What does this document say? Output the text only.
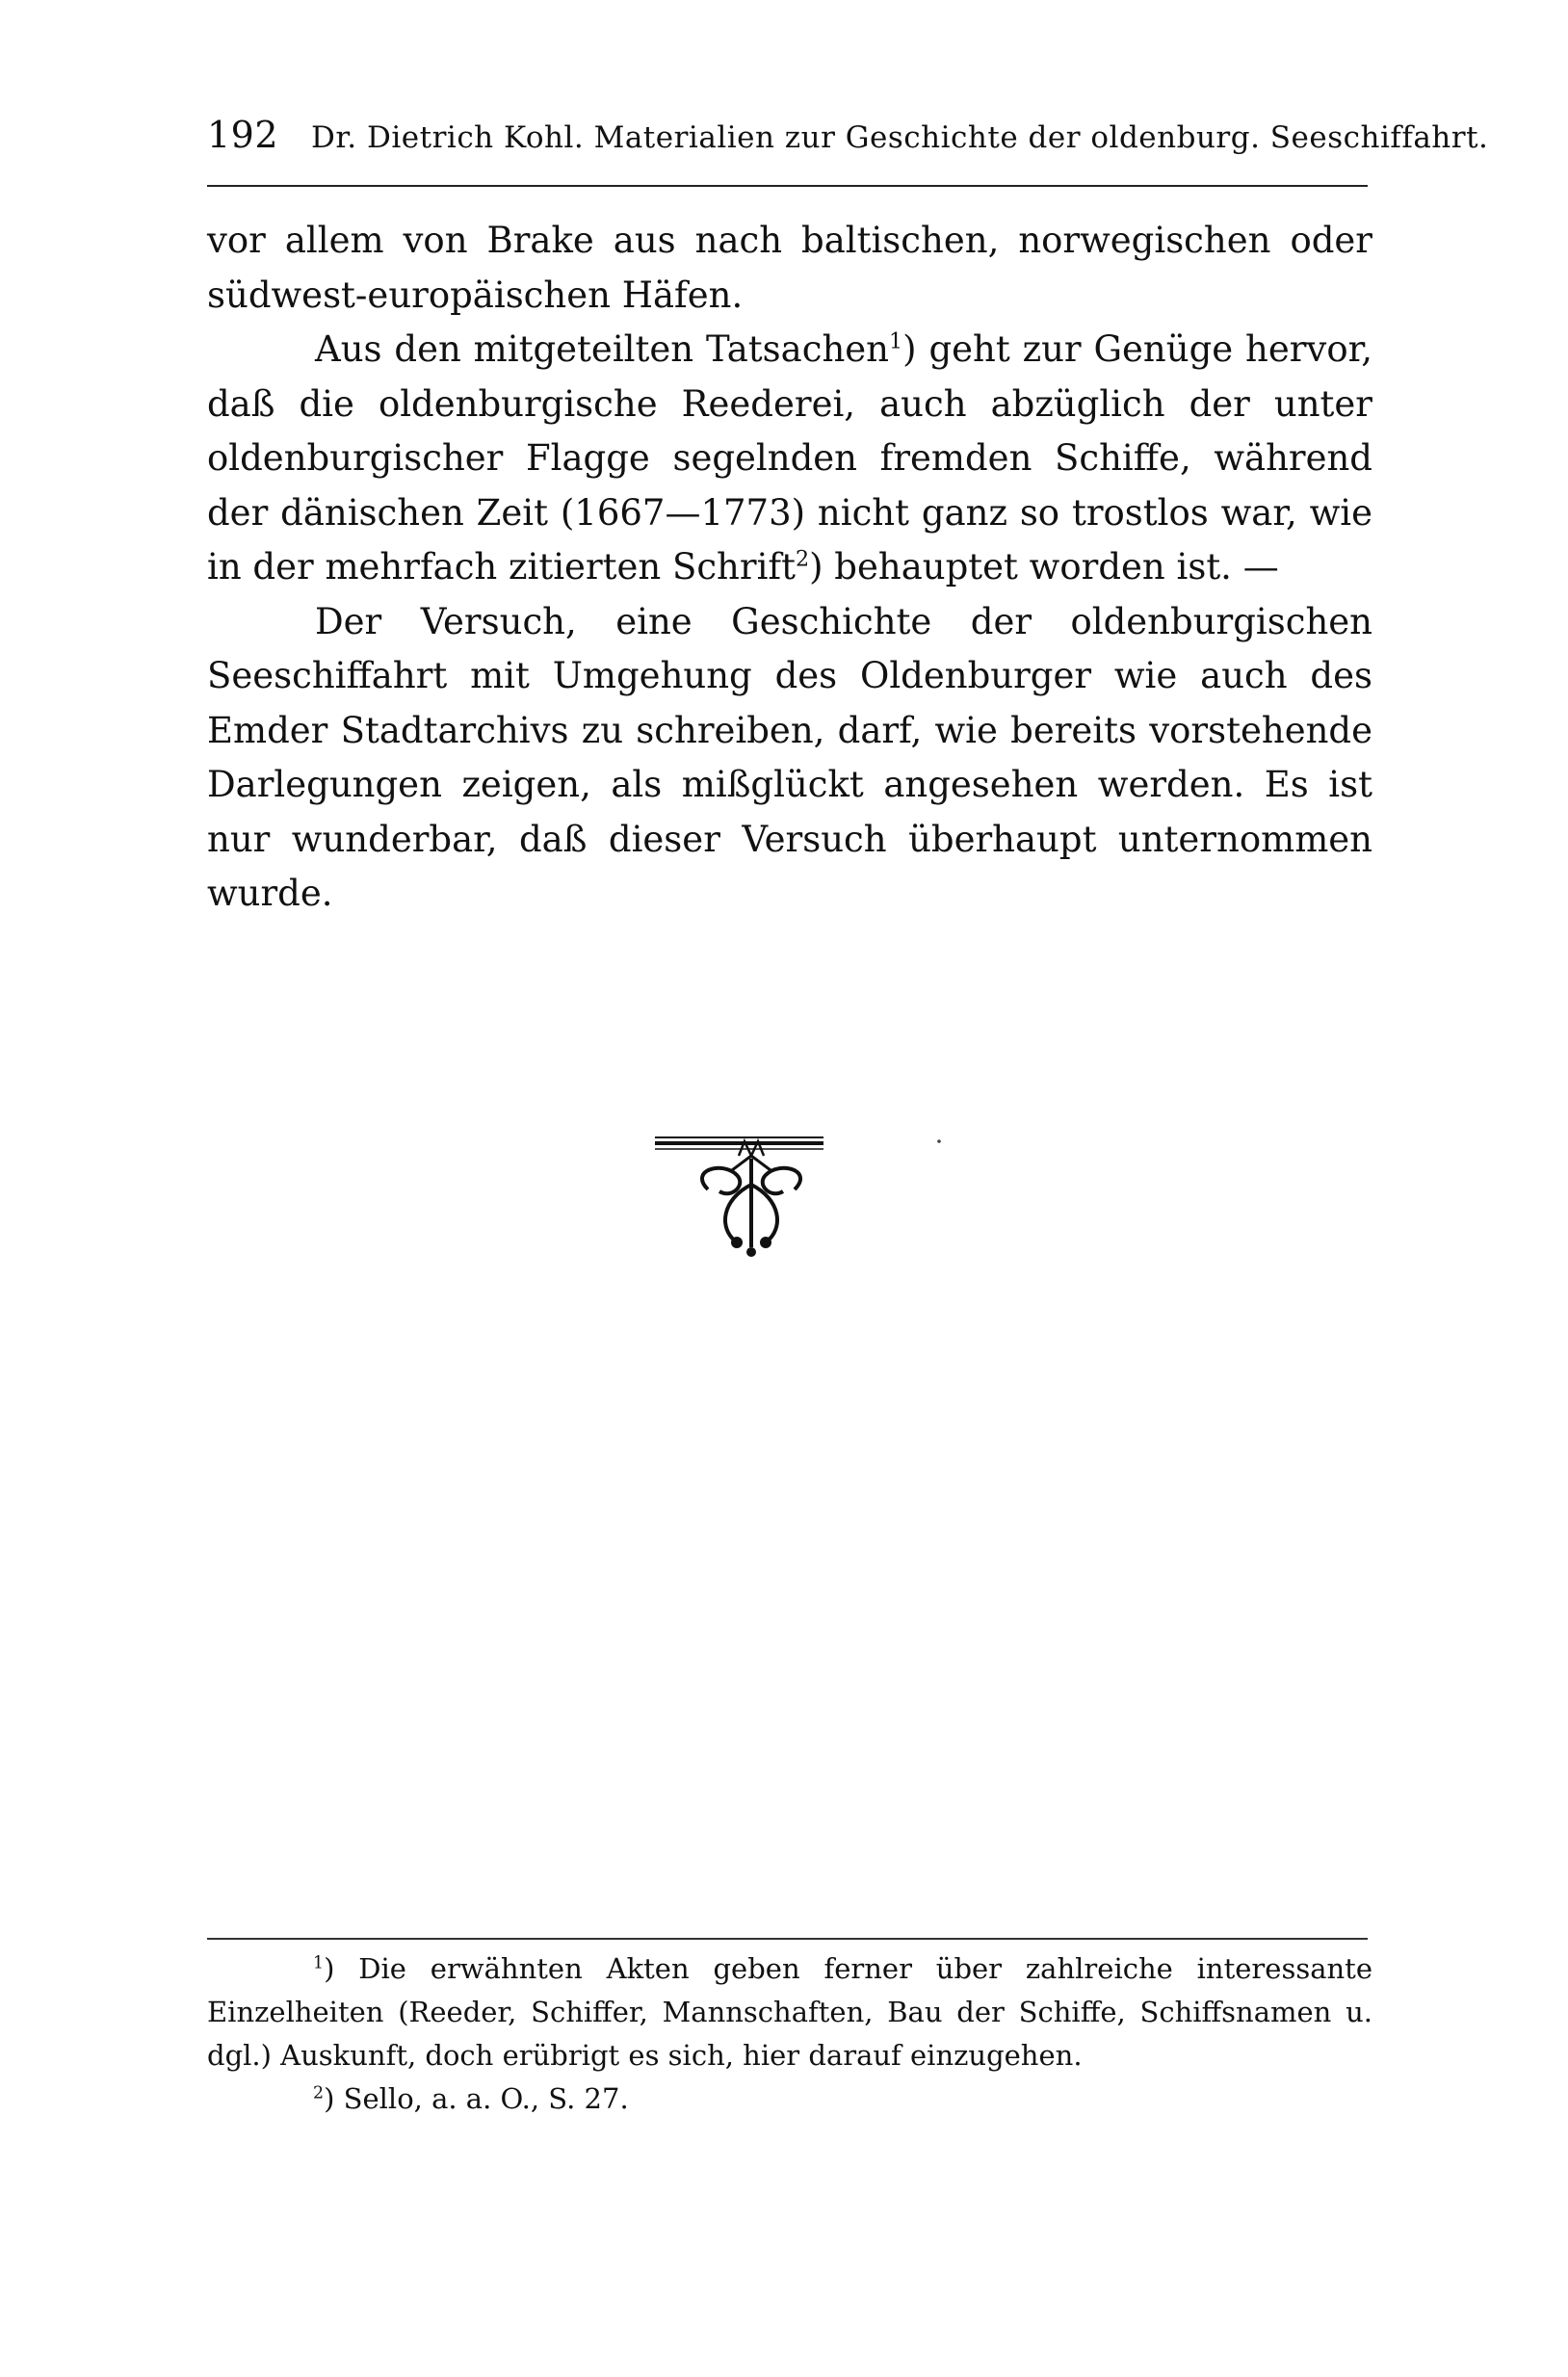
192 Dr. Dietrich Kohl. Materialien zur Geschichte der oldenburg. Seeschiffahrt.

vor allem von Brake aus nach baltischen, norwegischen oder südwest-europäischen Häfen.

Aus den mitgeteilten Tatsachen$^1$) geht zur Genüge hervor, daß die oldenburgische Reederei, auch abzüglich der unter oldenburgischer Flagge segelnden fremden Schiffe, während der dänischen Zeit (1667—1773) nicht ganz so trostlos war, wie in der mehrfach zitierten Schrift$^2$) behauptet worden ist. —

Der Versuch, eine Geschichte der oldenburgischen Seeschiffahrt mit Umgehung des Oldenburger wie auch des Emder Stadtarchivs zu schreiben, darf, wie bereits vorstehende Darlegungen zeigen, als mißglückt angesehen werden. Es ist nur wunderbar, daß dieser Versuch überhaupt unternommen wurde.

$^1$) Die erwähnten Akten geben ferner über zahlreiche interessante Einzelheiten (Reeder, Schiffer, Mannschaften, Bau der Schiffe, Schiffsnamen u. dgl.) Auskunft, doch erübrigt es sich, hier darauf einzugehen.

$^2$) Sello, a. a. O., S. 27.
